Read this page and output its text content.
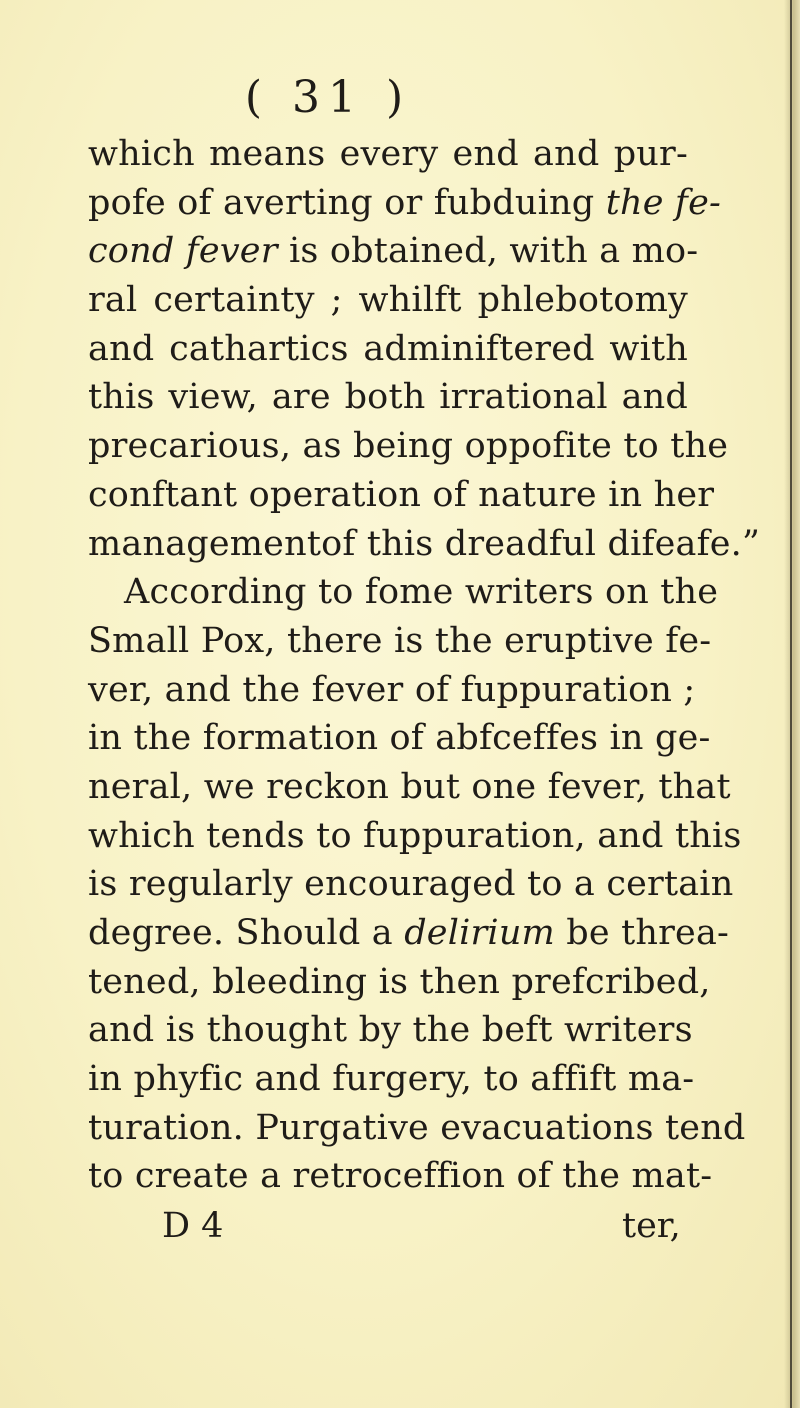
( 31 )
which means every end and pur-
pofe of averting or fubduing the fe-
cond fever is obtained, with a mo-
ral certainty ; whilft phlebotomy
and cathartics adminiftered with
this view, are both irrational and
precarious, as being oppofite to the
conftant operation of nature in her
managementof this dreadful difeafe.”
According to fome writers on the
Small Pox, there is the eruptive fe-
ver, and the fever of fuppuration ;
in the formation of abfceffes in ge-
neral, we reckon but one fever, that
which tends to fuppuration, and this
is regularly encouraged to a certain
degree. Should a delirium be threa-
tened, bleeding is then prefcribed,
and is thought by the beft writers
in phyfic and furgery, to affift ma-
turation. Purgative evacuations tend
to create a retroceffion of the mat-
D 4	ter,
